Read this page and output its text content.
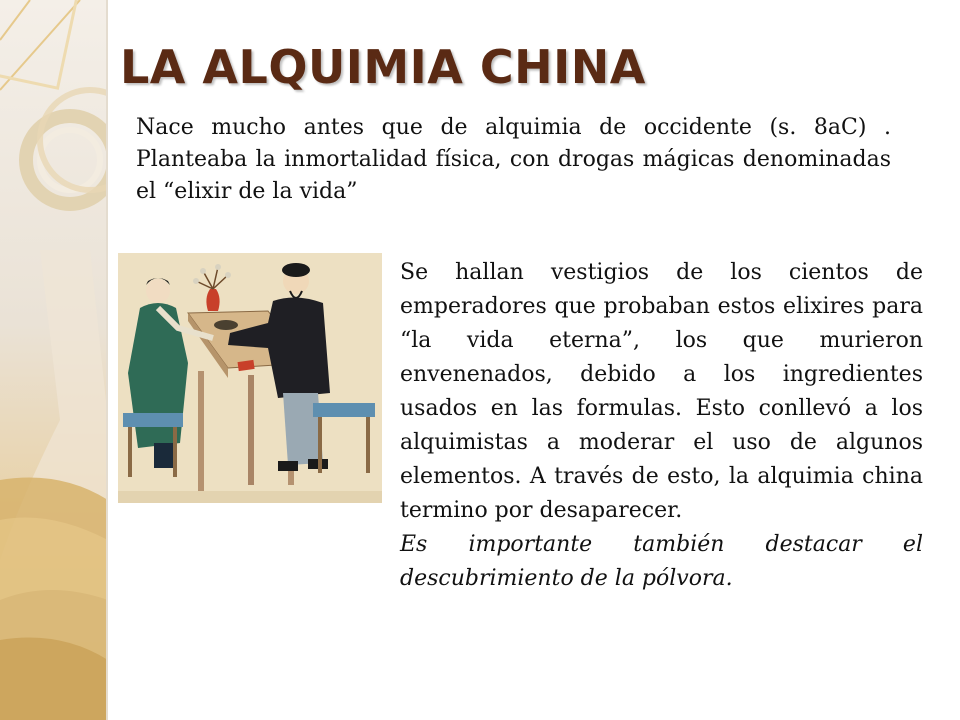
LA ALQUIMIA CHINA

Nace mucho antes que de alquimia de occidente (s. 8aC) . Planteaba la inmortalidad física, con drogas mágicas denominadas el “elixir de la vida”

Se hallan vestigios de los cientos de emperadores que probaban estos elixires para “la vida eterna”, los que murieron envenenados, debido a los ingredientes usados en las formulas. Esto conllevó a los alquimistas a moderar el uso de algunos elementos. A través de esto, la alquimia china termino por desaparecer.
Es importante también destacar el descubrimiento de la pólvora.
